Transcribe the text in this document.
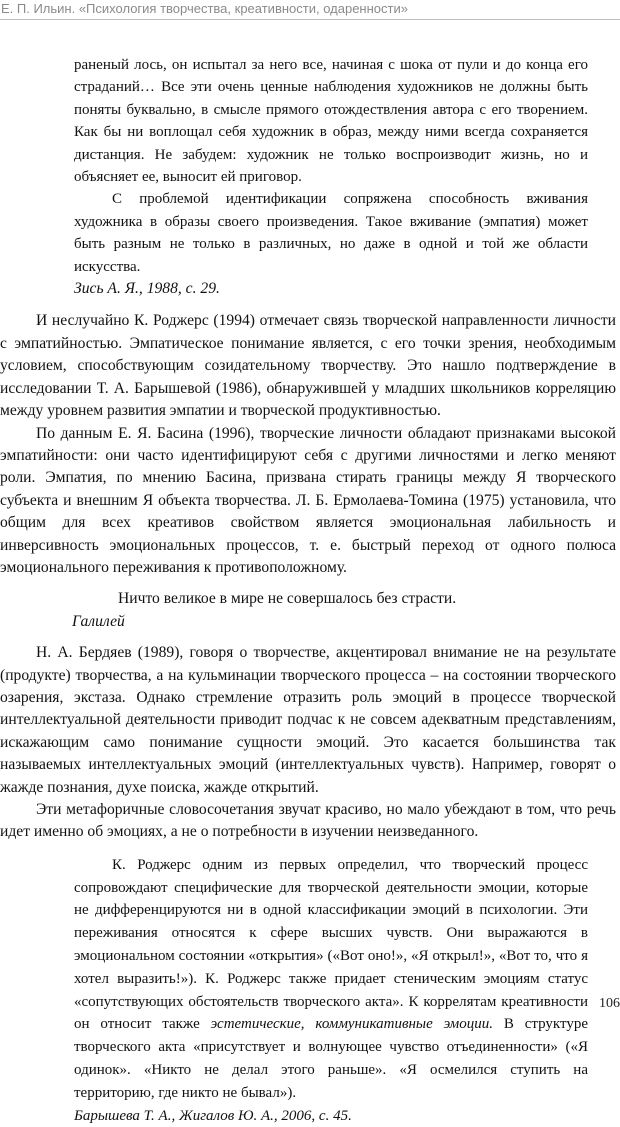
Е. П. Ильин. «Психология творчества, креативности, одаренности»

раненый лось, он испытал за него все, начиная с шока от пули и до конца его страданий… Все эти очень ценные наблюдения художников не должны быть поняты буквально, в смысле прямого отождествления автора с его творением. Как бы ни воплощал себя художник в образ, между ними всегда сохраняется дистанция. Не забудем: художник не только воспроизводит жизнь, но и объясняет ее, выносит ей приговор.

С проблемой идентификации сопряжена способность вживания художника в образы своего произведения. Такое вживание (эмпатия) может быть разным не только в различных, но даже в одной и той же области искусства.

Зись А. Я., 1988, с. 29.

И неслучайно К. Роджерс (1994) отмечает связь творческой направленности личности с эмпатийностью. Эмпатическое понимание является, с его точки зрения, необходимым условием, способствующим созидательному творчеству. Это нашло подтверждение в исследовании Т. А. Барышевой (1986), обнаружившей у младших школьников корреляцию между уровнем развития эмпатии и творческой продуктивностью.

По данным Е. Я. Басина (1996), творческие личности обладают признаками высокой эмпатийности: они часто идентифицируют себя с другими личностями и легко меняют роли. Эмпатия, по мнению Басина, призвана стирать границы между Я творческого субъекта и внешним Я объекта творчества. Л. Б. Ермолаева-Томина (1975) установила, что общим для всех креативов свойством является эмоциональная лабильность и инверсивность эмоциональных процессов, т. е. быстрый переход от одного полюса эмоционального переживания к противоположному.

Ничто великое в мире не совершалось без страсти.

Галилей

Н. А. Бердяев (1989), говоря о творчестве, акцентировал внимание не на результате (продукте) творчества, а на кульминации творческого процесса – на состоянии творческого озарения, экстаза. Однако стремление отразить роль эмоций в процессе творческой интеллектуальной деятельности приводит подчас к не совсем адекватным представлениям, искажающим само понимание сущности эмоций. Это касается большинства так называемых интеллектуальных эмоций (интеллектуальных чувств). Например, говорят о жажде познания, духе поиска, жажде открытий.

Эти метафоричные словосочетания звучат красиво, но мало убеждают в том, что речь идет именно об эмоциях, а не о потребности в изучении неизведанного.

К. Роджерс одним из первых определил, что творческий процесс сопровождают специфические для творческой деятельности эмоции, которые не дифференцируются ни в одной классификации эмоций в психологии. Эти переживания относятся к сфере высших чувств. Они выражаются в эмоциональном состоянии «открытия» («Вот оно!», «Я открыл!», «Вот то, что я хотел выразить!»). К. Роджерс также придает стеническим эмоциям статус «сопутствующих обстоятельств творческого акта». К коррелятам креативности он относит также эстетические, коммуникативные эмоции. В структуре творческого акта «присутствует и волнующее чувство отъединенности» («Я одинок». «Никто не делал этого раньше». «Я осмелился ступить на территорию, где никто не бывал»).

Барышева Т. А., Жигалов Ю. А., 2006, с. 45.

106
